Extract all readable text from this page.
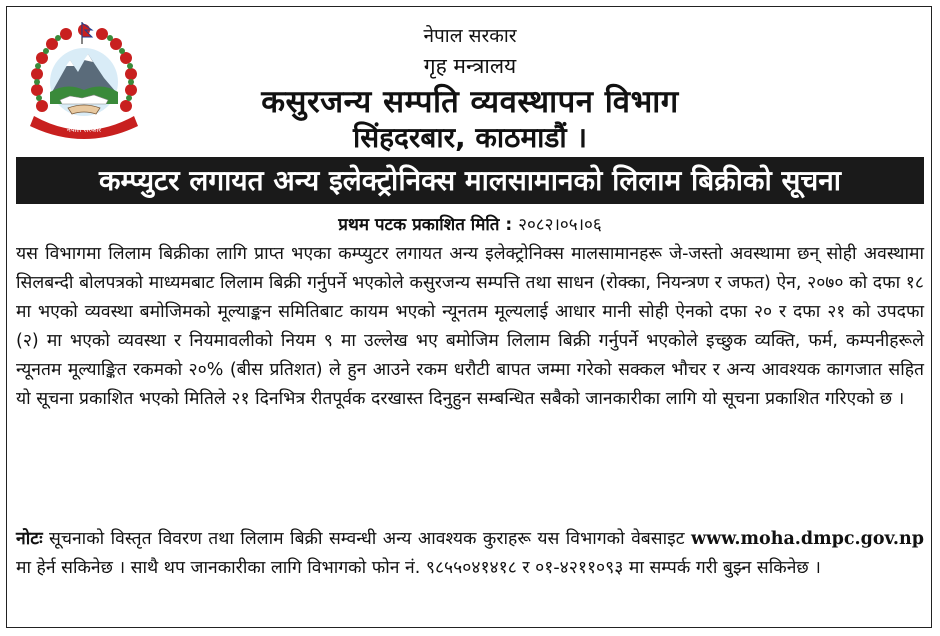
नेपाल सरकार
नेपाल सरकार
गृह मन्त्रालय
कसुरजन्य सम्पति व्यवस्थापन विभाग
सिंहदरबार, काठमाडौं ।
कम्प्युटर लगायत अन्य इलेक्ट्रोनिक्स मालसामानको लिलाम बिक्रीको सूचना
प्रथम पटक प्रकाशित मिति : २०८२।०५।०६
यस विभागमा लिलाम बिक्रीका लागि प्राप्त भएका कम्प्युटर लगायत अन्य इलेक्ट्रोनिक्स मालसामानहरू जे-जस्तो अवस्थामा छन् सोही अवस्थामा सिलबन्दी बोलपत्रको माध्यमबाट लिलाम बिक्री गर्नुपर्ने भएकोले कसुरजन्य सम्पत्ति तथा साधन (रोक्का, नियन्त्रण र जफत) ऐन, २०७० को दफा १८ मा भएको व्यवस्था बमोजिमको मूल्याङ्कन समितिबाट कायम भएको न्यूनतम मूल्यलाई आधार मानी सोही ऐनको दफा २० र दफा २१ को उपदफा (२) मा भएको व्यवस्था र नियमावलीको नियम ९ मा उल्लेख भए बमोजिम लिलाम बिक्री गर्नुपर्ने भएकोले इच्छुक व्यक्ति, फर्म, कम्पनीहरूले न्यूनतम मूल्याङ्कित रकमको २०% (बीस प्रतिशत) ले हुन आउने रकम धरौटी बापत जम्मा गरेको सक्कल भौचर र अन्य आवश्यक कागजात सहित यो सूचना प्रकाशित भएको मितिले २१ दिनभित्र रीतपूर्वक दरखास्त दिनुहुन सम्बन्धित सबैको जानकारीका लागि यो सूचना प्रकाशित गरिएको छ ।
नोटः सूचनाको विस्तृत विवरण तथा लिलाम बिक्री सम्वन्धी अन्य आवश्यक कुराहरू यस विभागको वेबसाइट www.moha.dmpc.gov.np मा हेर्न सकिनेछ । साथै थप जानकारीका लागि विभागको फोन नं. ९८५५०४१४१८ र ०१-४२११०९३ मा सम्पर्क गरी बुझ्न सकिनेछ ।
